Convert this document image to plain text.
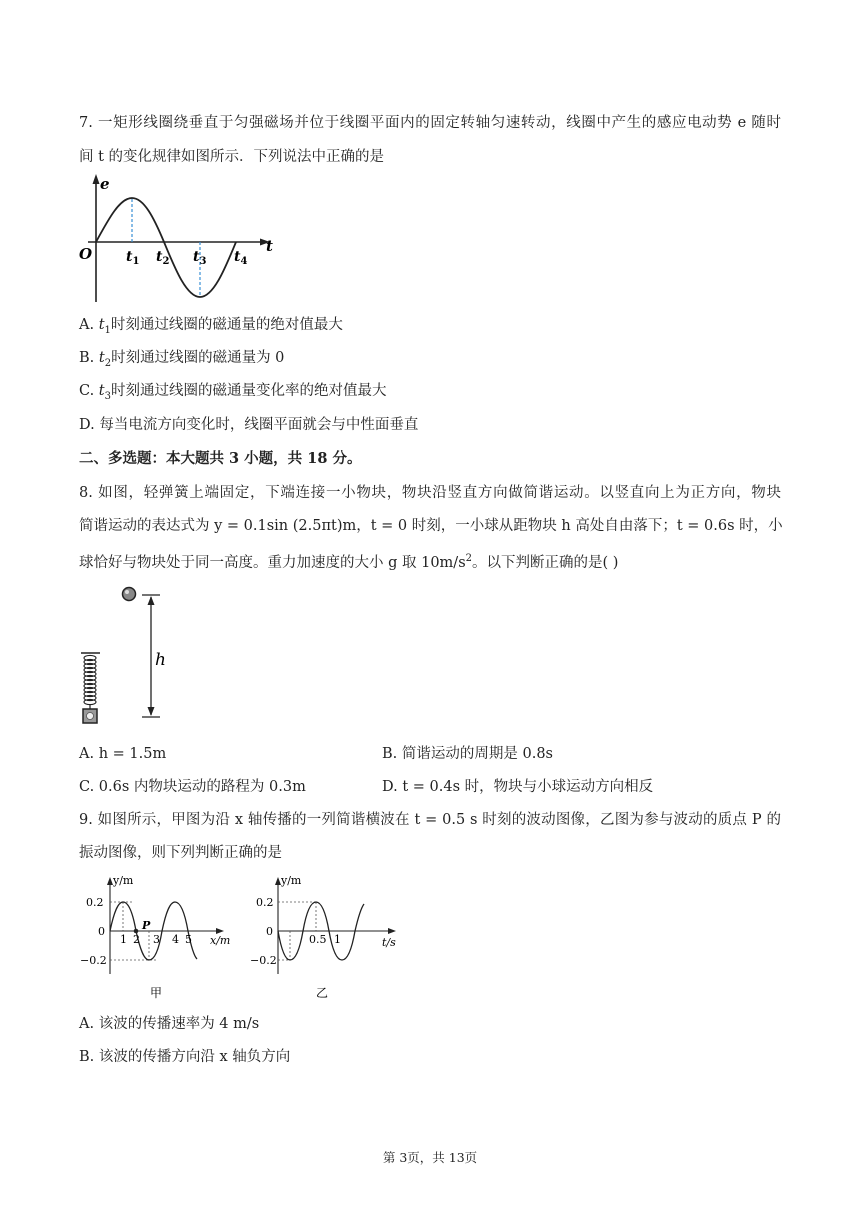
7. 一矩形线圈绕垂直于匀强磁场并位于线圈平面内的固定转轴匀速转动，线圈中产生的感应电动势 e 随时
间 t 的变化规律如图所示．下列说法中正确的是
e
t
O $t_1$ $t_2$ $t_3$ $t_4$
A. $t_1$时刻通过线圈的磁通量的绝对值最大
B. $t_2$时刻通过线圈的磁通量为 0
C. $t_3$时刻通过线圈的磁通量变化率的绝对值最大
D. 每当电流方向变化时，线圈平面就会与中性面垂直
二、多选题：本大题共 3 小题，共 18 分。
8. 如图，轻弹簧上端固定，下端连接一小物块，物块沿竖直方向做简谐运动。以竖直向上为正方向，物块
简谐运动的表达式为 y = 0.1sin (2.5πt)m，t = 0 时刻，一小球从距物块 h 高处自由落下；t = 0.6s 时，小
球恰好与物块处于同一高度。重力加速度的大小 g 取 $10m/s^2$。以下判断正确的是( )
h
A. h = 1.5m	B. 简谐运动的周期是 0.8s
C. 0.6s 内物块运动的路程为 0.3m	D. t = 0.4s 时，物块与小球运动方向相反
9. 如图所示，甲图为沿 x 轴传播的一列简谐横波在 t = 0.5 s 时刻的波动图像，乙图为参与波动的质点 P 的
振动图像，则下列判断正确的是
y/m
x/m
0.2
0
−0.2
1 2 3 4 5
P
甲
y/m
t/s
0.2
0
−0.2
0.5 1
乙
A. 该波的传播速率为 4 m/s
B. 该波的传播方向沿 x 轴负方向
第 3页，共 13页
